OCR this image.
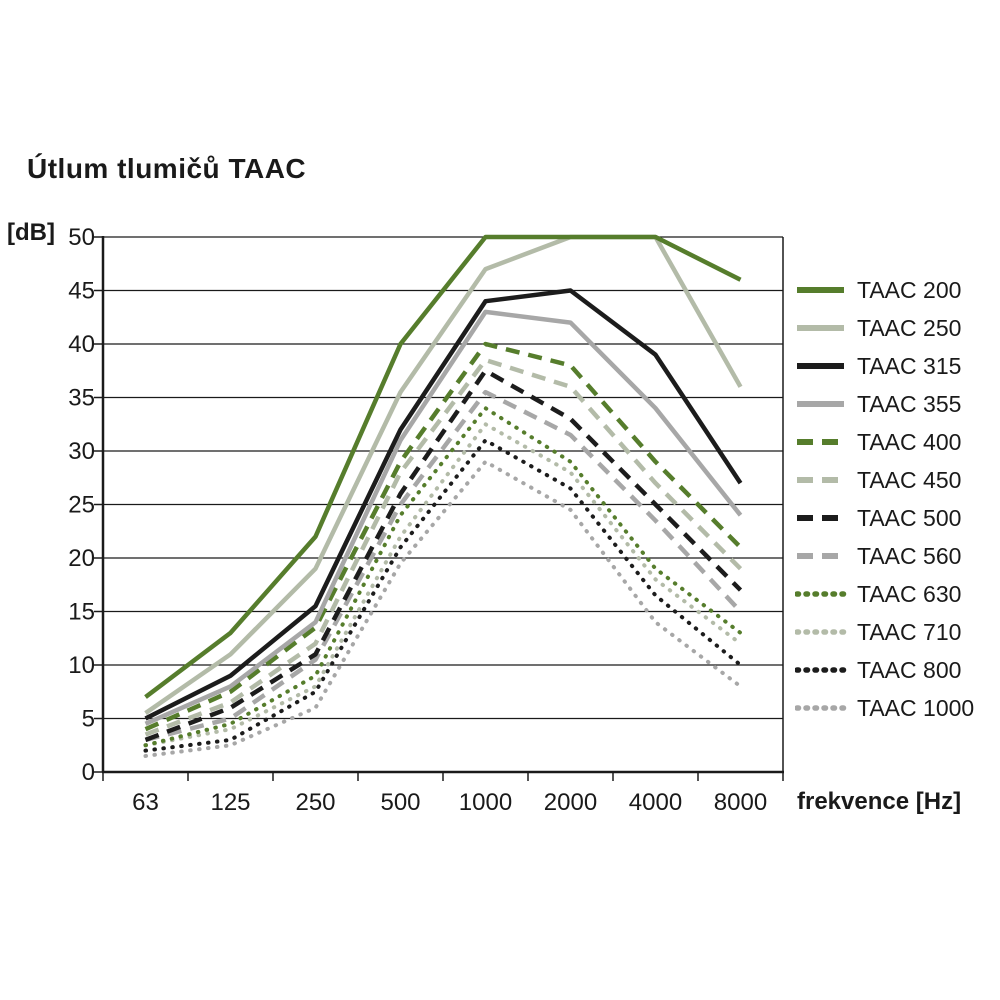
Útlum tlumičů TAAC
[dB]
0
5
10
15
20
25
30
35
40
45
50
63 125 250 500 1000 2000 4000 8000 frekvence [Hz]
TAAC 200
TAAC 250
TAAC 315
TAAC 355
TAAC 400
TAAC 450
TAAC 500
TAAC 560
TAAC 630
TAAC 710
TAAC 800
TAAC 1000
